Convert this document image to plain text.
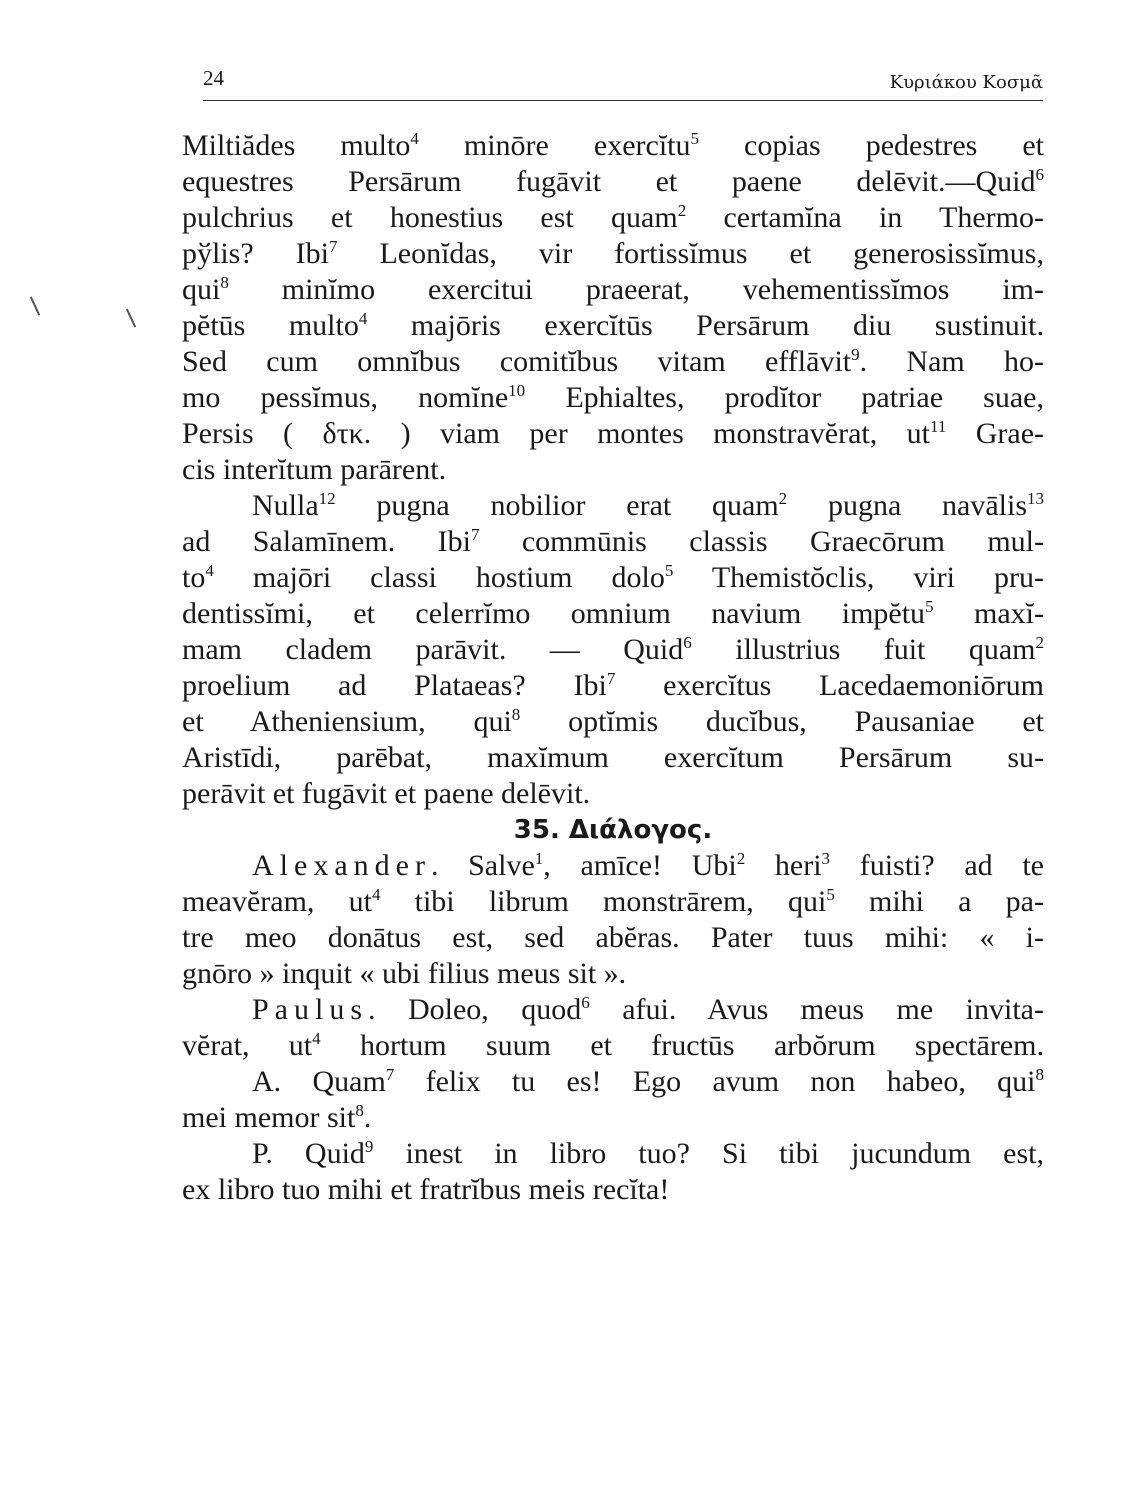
24	Κυριάκου Κοσμᾶ
Miltiădes multo$^4$ minōre exercĭtu$^5$ copias pedestres et
equestres Persārum fugāvit et paene delēvit.—Quid$^6$
pulchrius et honestius est quam$^2$ certamĭna in Thermo-
pўlis? Ibi$^7$ Leonĭdas, vir fortissĭmus et generosissĭmus,
qui$^8$ minĭmo exercitui praeerat, vehementissĭmos im-
pĕtūs multo$^4$ majōris exercĭtūs Persārum diu sustinuit.
Sed cum omnĭbus comitĭbus vitam efflāvit$^9$. Nam ho-
mo pessĭmus, nomĭne$^{10}$ Ephialtes, prodĭtor patriae suae,
Persis ( δτκ. ) viam per montes monstravĕrat, $ut^{11}$ Grae-
cis interĭtum parārent.
Nulla$^{12}$ pugna nobilior erat quam$^2$ pugna navālis$^{13}$
ad Salamīnem. Ibi$^7$ commūnis classis Graecōrum mul-
$to^4$ majōri classi hostium dolo$^5$ Themistŏclis, viri pru-
dentissĭmi, et celerrĭmo omnium navium impĕtu$^5$ maxĭ-
mam cladem parāvit. — Quid$^6$ illustrius fuit quam$^2$
proelium ad Plataeas? Ibi$^7$ exercĭtus Lacedaemoniōrum
et Atheniensium, qui$^8$ optĭmis ducĭbus, Pausaniae et
Aristīdi, parēbat, maxĭmum exercĭtum Persārum su-
perāvit et fugāvit et paene delēvit.
35. Διάλογος.
Alexander. Salve$^1$, amīce! Ubi$^2$ heri$^3$ fuisti? ad te
meavĕram, $ut^4$ tibi librum monstrārem, qui$^5$ mihi a pa-
tre meo donātus est, sed abĕras. Pater tuus mihi: « i-
gnōro » inquit « ubi filius meus sit ».
Paulus. Doleo, quod$^6$ afui. Avus meus me invita-
vĕrat, $ut^4$ hortum suum et fructūs arbŏrum spectārem.
A. Quam$^7$ felix tu es! Ego avum non habeo, qui$^8$
mei memor sit$^8$.
P. Quid$^9$ inest in libro tuo? Si tibi jucundum est,
ex libro tuo mihi et fratrĭbus meis recĭta!
